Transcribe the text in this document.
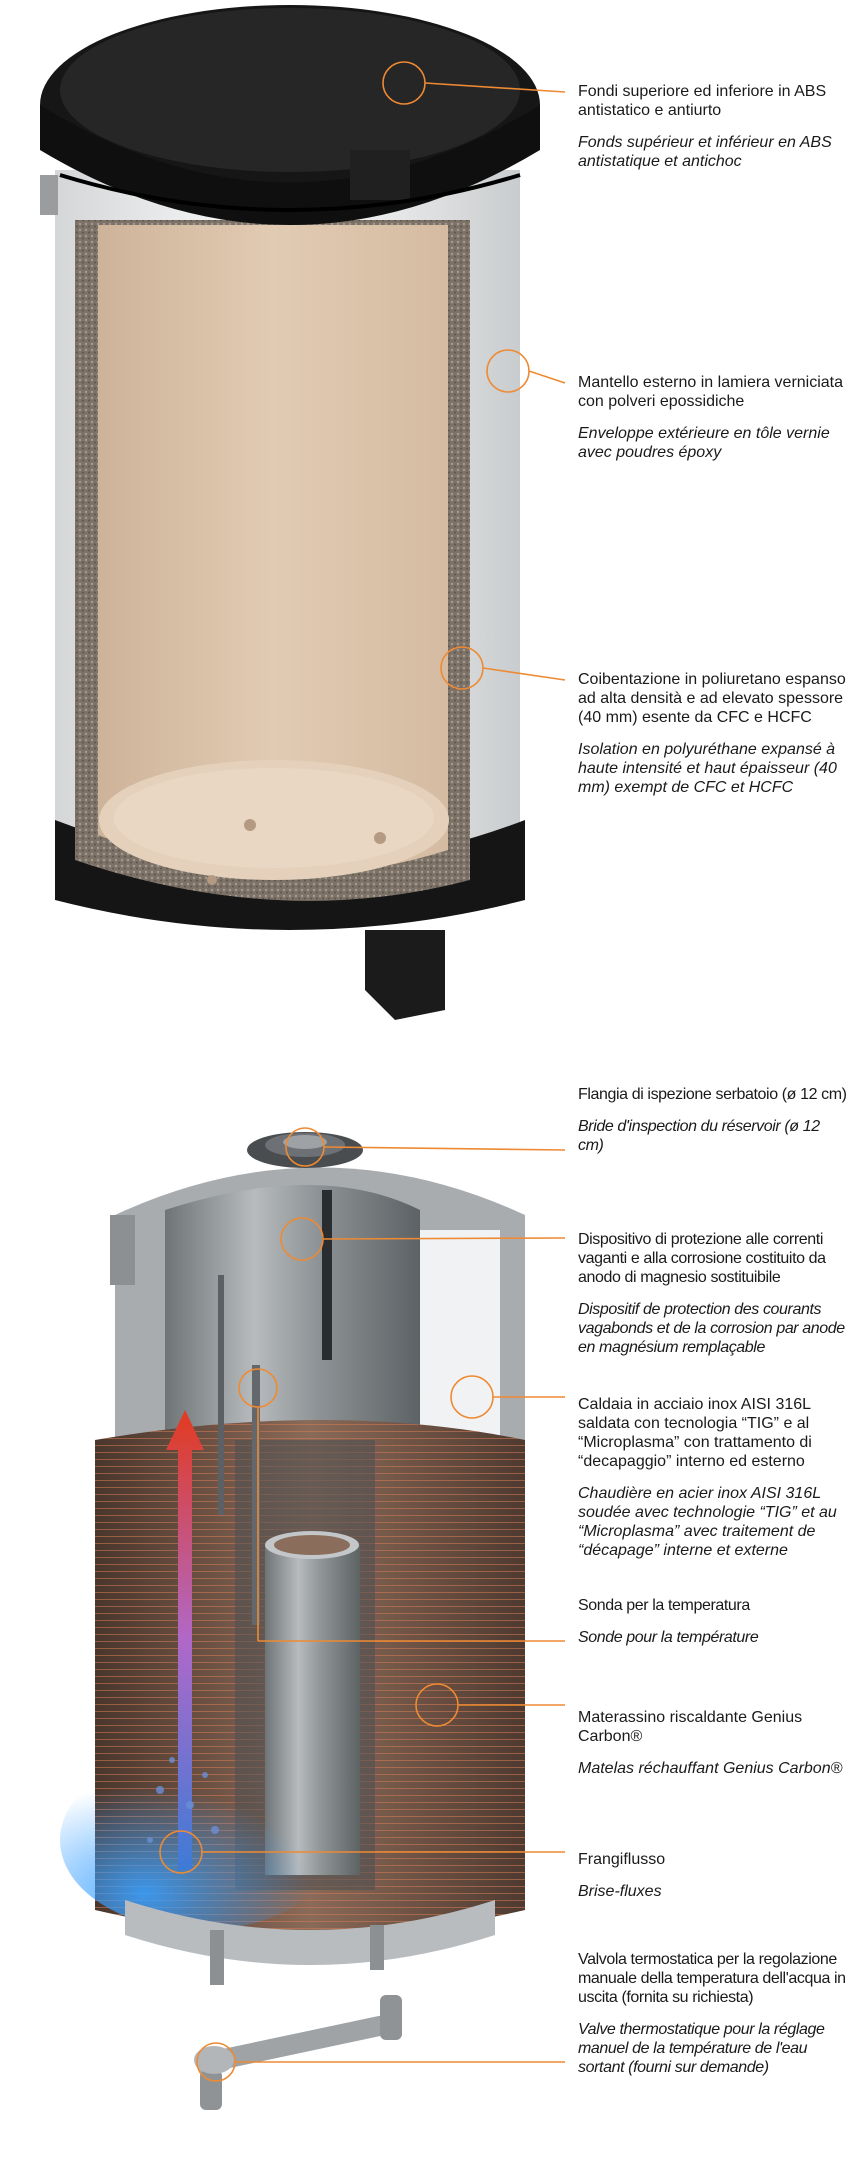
Fondi superiore ed inferiore in ABS antistatico e antiurto
Fonds supérieur et inférieur en ABS antistatique et antichoc
Mantello esterno in lamiera verniciata con polveri epossidiche
Enveloppe extérieure en tôle vernie avec poudres époxy
Coibentazione in poliuretano espanso ad alta densità e ad elevato spessore (40 mm) esente da CFC e HCFC
Isolation en polyuréthane expansé à haute intensité et haut épaisseur (40 mm) exempt de CFC et HCFC
Flangia di ispezione serbatoio (ø 12 cm)
Bride d'inspection du réservoir (ø 12 cm)
Dispositivo di protezione alle correnti vaganti e alla corrosione costituito da anodo di magnesio sostituibile
Dispositif de protection des courants vagabonds et de la corrosion par anode en magnésium remplaçable
Caldaia in acciaio inox AISI 316L saldata con tecnologia “TIG” e al “Microplasma” con trattamento di “decapaggio” interno ed esterno
Chaudière en acier inox AISI 316L soudée avec technologie “TIG” et au “Microplasma” avec traitement de “décapage” interne et externe
Sonda per la temperatura
Sonde pour la température
Materassino riscaldante Genius Carbon®
Matelas réchauffant Genius Carbon®
Frangiflusso
Brise-fluxes
Valvola termostatica per la regolazione manuale della temperatura dell'acqua in uscita (fornita su richiesta)
Valve thermostatique pour la réglage manuel de la température de l'eau sortant (fourni sur demande)
